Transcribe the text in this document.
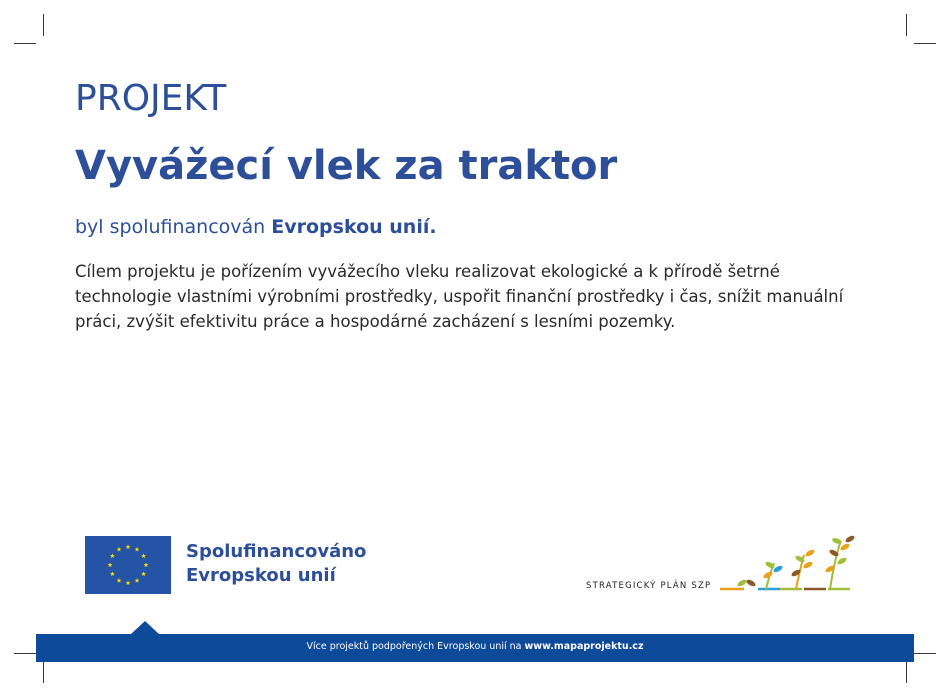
PROJEKT
Vyvážecí vlek za traktor

byl spolufinancován Evropskou unií.

Cílem projektu je pořízením vyvážecího vleku realizovat ekologické a k přírodě šetrné technologie vlastními výrobními prostředky, uspořit finanční prostředky i čas, snížit manuální práci, zvýšit efektivitu práce a hospodárné zacházení s lesními pozemky.

Spolufinancováno
Evropskou unií	STRATEGICKÝ PLÁN SZP
Více projektů podpořených Evropskou unií na www.mapaprojektu.cz
